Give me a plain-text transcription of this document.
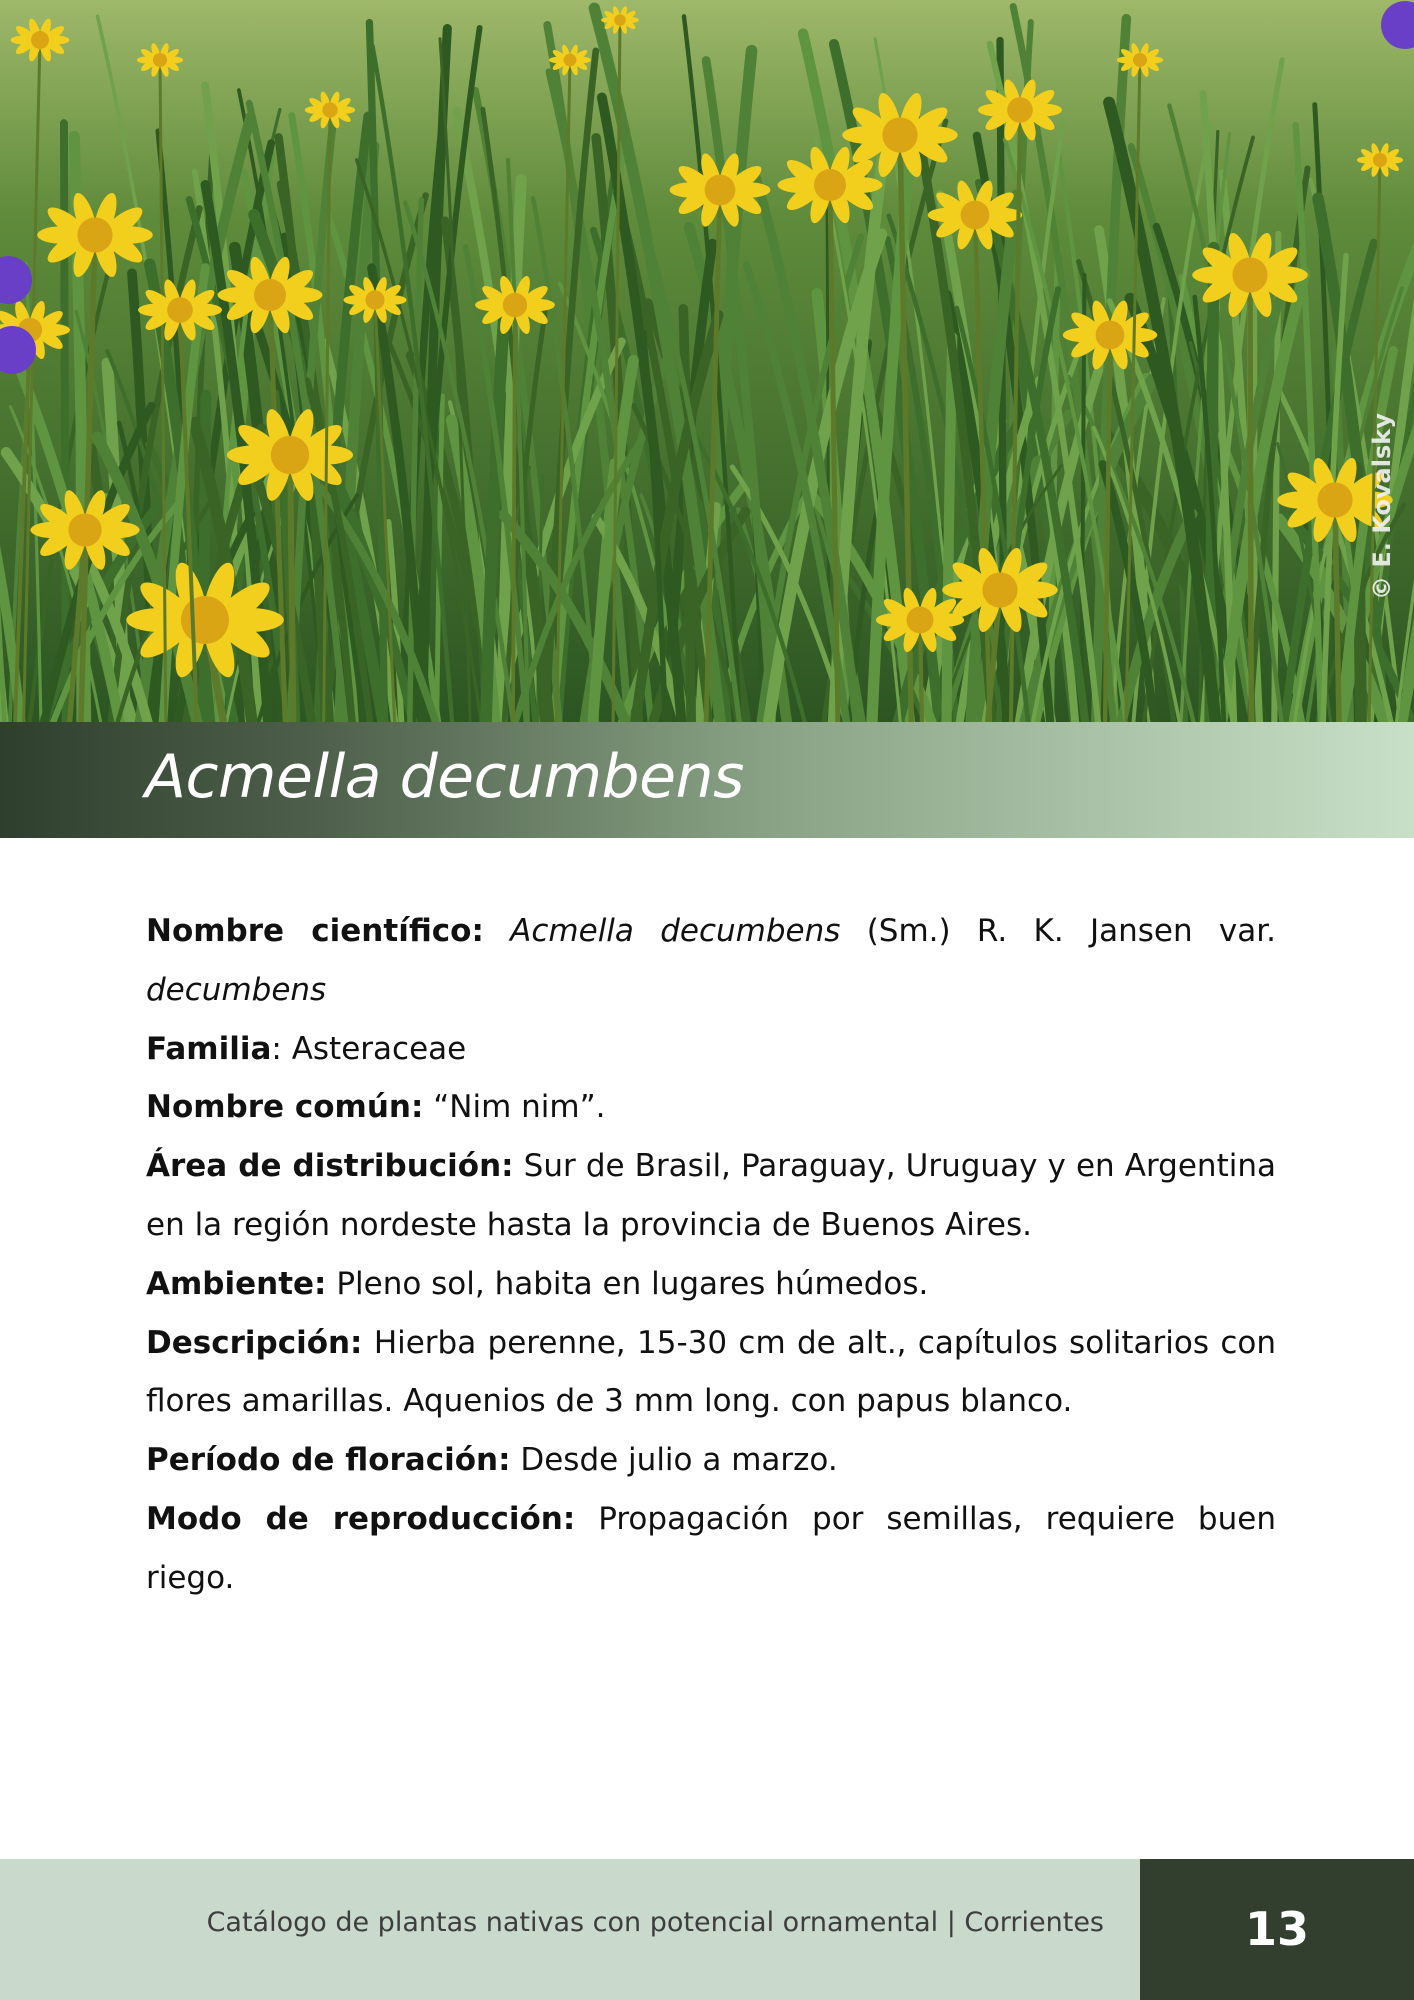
© E. Kovalsky
Acmella decumbens

Nombre científico: Acmella decumbens (Sm.) R. K. Jansen var. decumbens

Familia: Asteraceae

Nombre común: “Nim nim”.

Área de distribución: Sur de Brasil, Paraguay, Uruguay y en Argentina en la región nordeste hasta la provincia de Buenos Aires.

Ambiente: Pleno sol, habita en lugares húmedos.

Descripción: Hierba perenne, 15-30 cm de alt., capítulos solitarios con flores amarillas. Aquenios de 3 mm long. con papus blanco.

Período de floración: Desde julio a marzo.

Modo de reproducción: Propagación por semillas, requiere buen riego.

Catálogo de plantas nativas con potencial ornamental | Corrientes	13
